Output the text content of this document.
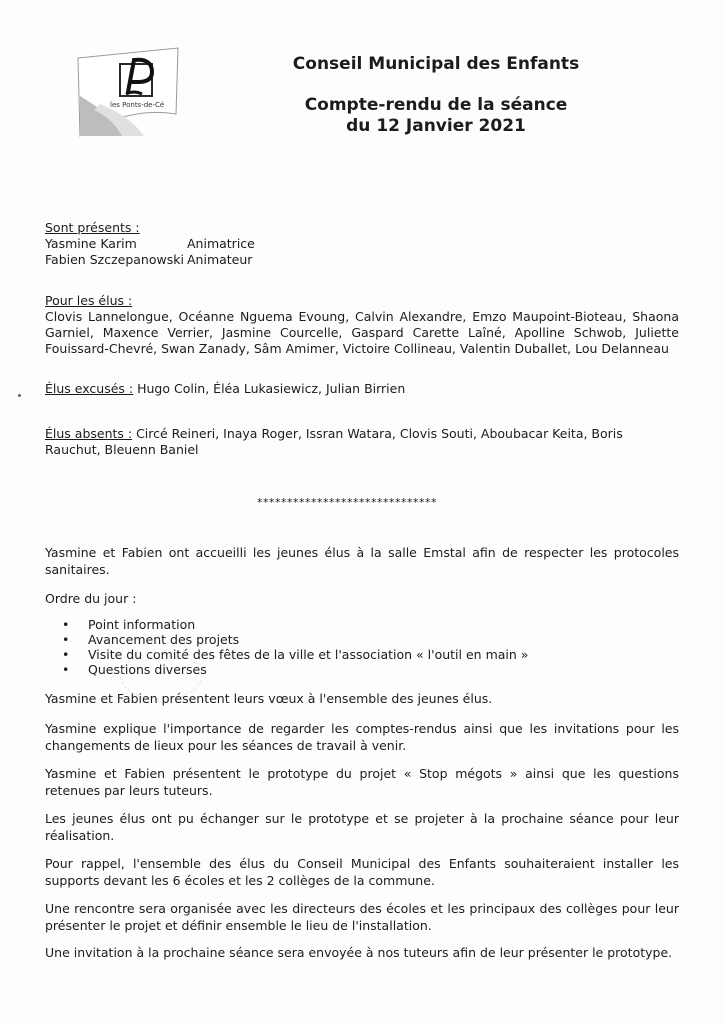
les Ponts-de-Cé
Conseil Municipal des Enfants
Compte-rendu de la séance
du 12 Janvier 2021
Sont présents :
Yasmine Karim	Animatrice
Fabien Szczepanowski Animateur
Pour les élus :
Clovis Lannelongue, Océanne Nguema Evoung, Calvin Alexandre, Emzo Maupoint-Bioteau, Shaona Garniel, Maxence Verrier, Jasmine Courcelle, Gaspard Carette Laîné, Apolline Schwob, Juliette Fouissard-Chevré, Swan Zanady, Sâm Amimer, Victoire Collineau, Valentin Duballet, Lou Delanneau
Élus excusés : Hugo Colin, Éléa Lukasiewicz, Julian Birrien
Élus absents : Circé Reineri, Inaya Roger, Issran Watara, Clovis Souti, Aboubacar Keita, Boris Rauchut, Bleuenn Baniel
******************************
Yasmine et Fabien ont accueilli les jeunes élus à la salle Emstal afin de respecter les protocoles sanitaires.
Ordre du jour :
•	Point information
•	Avancement des projets
•	Visite du comité des fêtes de la ville et l'association « l'outil en main »
•	Questions diverses
Yasmine et Fabien présentent leurs vœux à l'ensemble des jeunes élus.
Yasmine explique l'importance de regarder les comptes-rendus ainsi que les invitations pour les changements de lieux pour les séances de travail à venir.
Yasmine et Fabien présentent le prototype du projet « Stop mégots » ainsi que les questions retenues par leurs tuteurs.
Les jeunes élus ont pu échanger sur le prototype et se projeter à la prochaine séance pour leur réalisation.
Pour rappel, l'ensemble des élus du Conseil Municipal des Enfants souhaiteraient installer les supports devant les 6 écoles et les 2 collèges de la commune.
Une rencontre sera organisée avec les directeurs des écoles et les principaux des collèges pour leur présenter le projet et définir ensemble le lieu de l'installation.
Une invitation à la prochaine séance sera envoyée à nos tuteurs afin de leur présenter le prototype.
